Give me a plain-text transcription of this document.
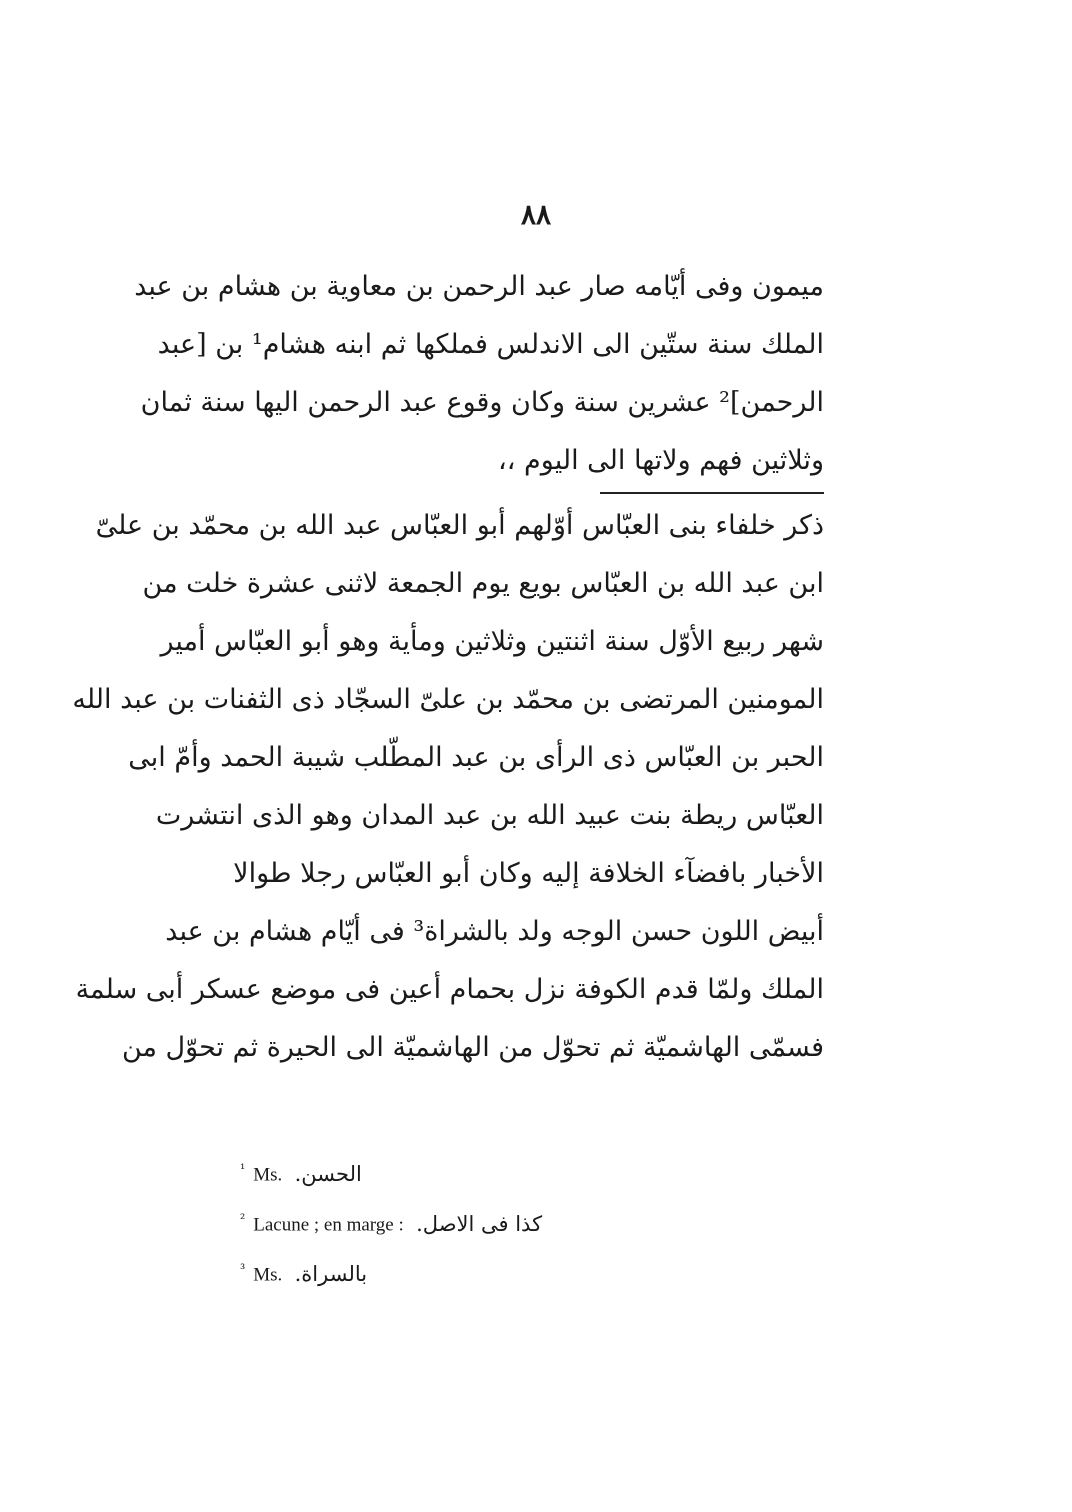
٨٨
ميمون وفى أيّامه صار عبد الرحمن بن معاوية بن هشام بن عبد
الملك سنة ستّين الى الاندلس فملكها ثم ابنه هشام¹ بن [عبد
الرحمن]² عشرين سنة وكان وقوع عبد الرحمن اليها سنة ثمان
وثلاثين فهم ولاتها الى اليوم ،،
ذكر خلفاء بنى العبّاس أوّلهم أبو العبّاس عبد الله بن محمّد بن علىّ
ابن عبد الله بن العبّاس بويع يوم الجمعة لاثنى عشرة خلت من
شهر ربيع الأوّل سنة اثنتين وثلاثين ومأية وهو أبو العبّاس أمير
المومنين المرتضى بن محمّد بن علىّ السجّاد ذى الثفنات بن عبد الله
الحبر بن العبّاس ذى الرأى بن عبد المطّلب شيبة الحمد وأمّ ابى
العبّاس ريطة بنت عبيد الله بن عبد المدان وهو الذى انتشرت
الأخبار بافضآء الخلافة إليه وكان أبو العبّاس رجلا طوالا
أبيض اللون حسن الوجه ولد بالشراة³ فى أيّام هشام بن عبد
الملك ولمّا قدم الكوفة نزل بحمام أعين فى موضع عسكر أبى سلمة
فسمّى الهاشميّة ثم تحوّل من الهاشميّة الى الحيرة ثم تحوّل من
$^{^1}$ Ms. الحسن.
$^{^2}$ Lacune ; en marge : كذا فى الاصل.
$^{^3}$ Ms. بالسراة.
